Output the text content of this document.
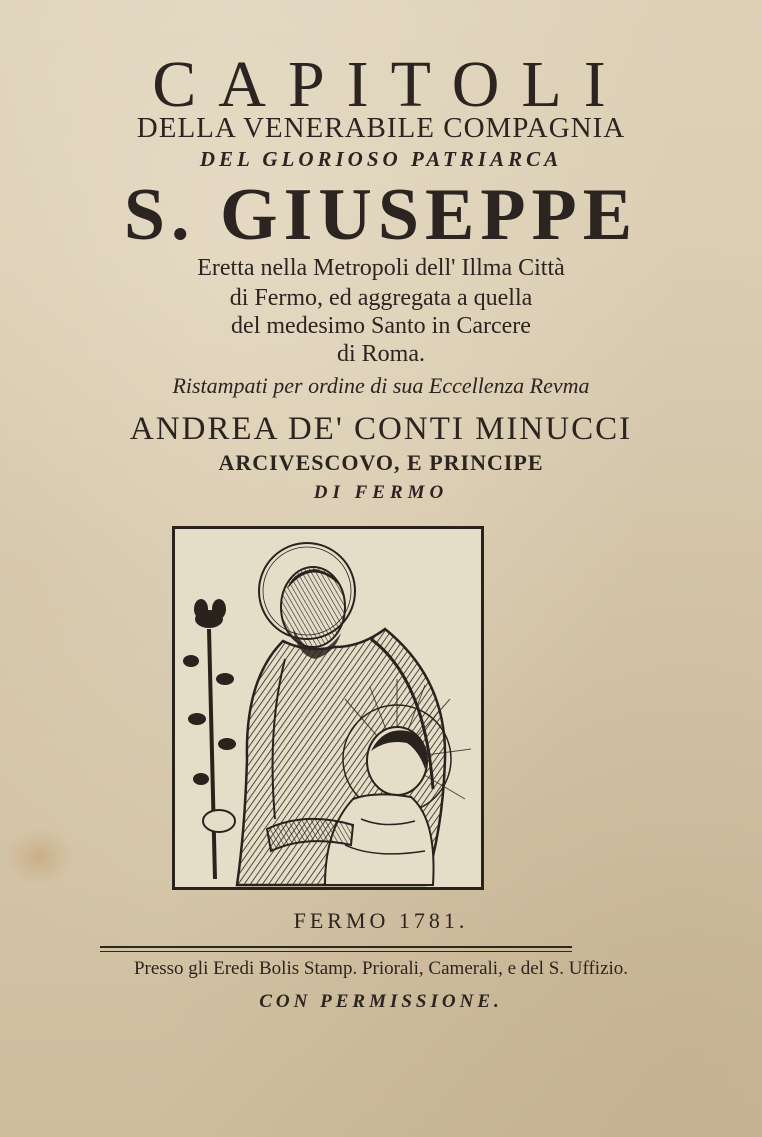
CAPITOLI
DELLA VENERABILE COMPAGNIA
DEL GLORIOSO PATRIARCA
S. GIUSEPPE
Eretta nella Metropoli dell' Illma Città
di Fermo, ed aggregata a quella
del medesimo Santo in Carcere
di Roma.
Ristampati per ordine di sua Eccellenza Revma
ANDREA DE' CONTI MINUCCI
ARCIVESCOVO, E PRINCIPE
DI FERMO
FERMO 1781.
Presso gli Eredi Bolis Stamp. Priorali, Camerali, e del S. Uffizio.
CON PERMISSIONE.
